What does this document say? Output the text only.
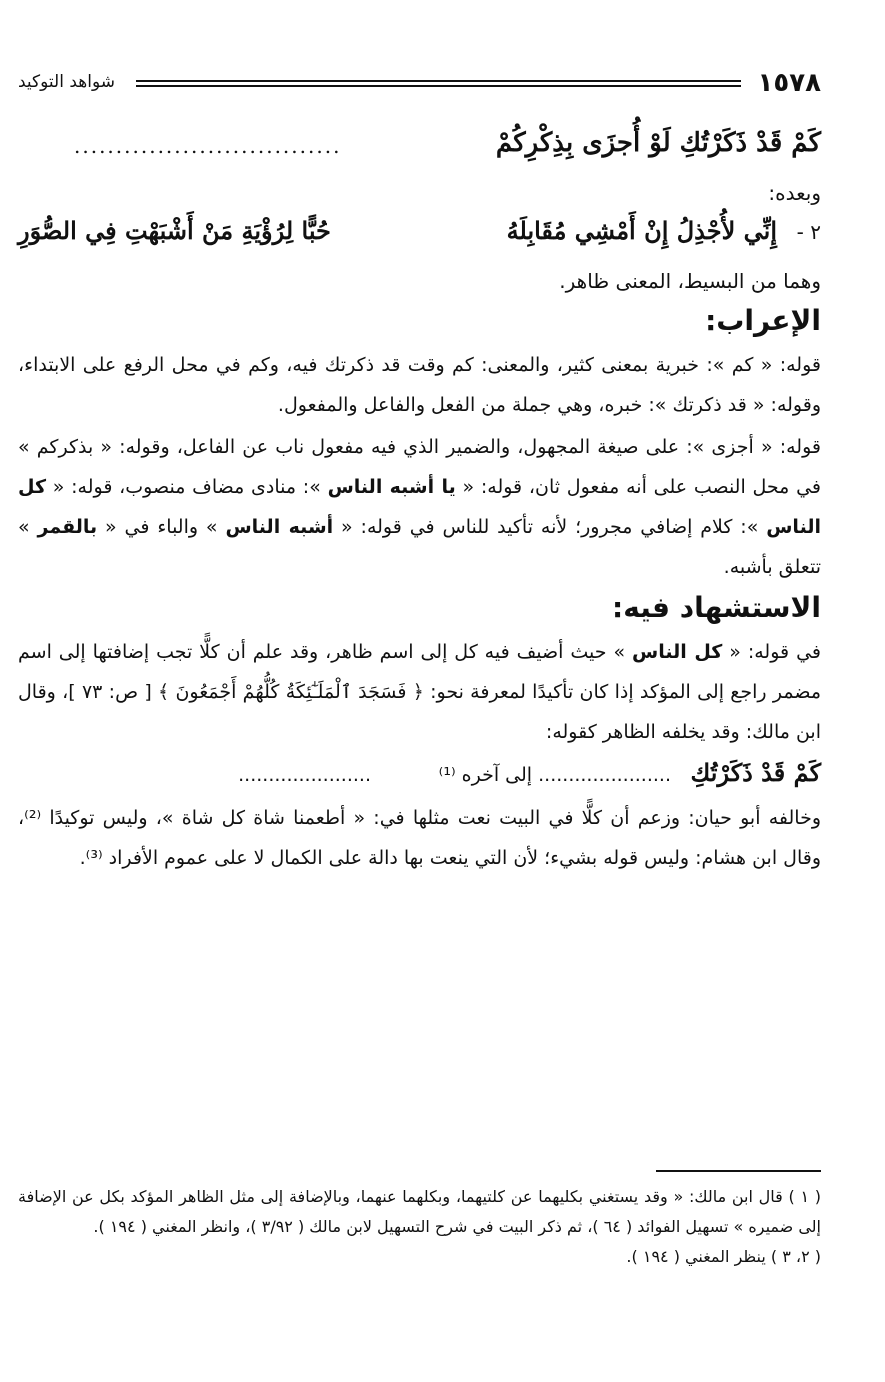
١٥٧٨
شواهد التوكيد
كَمْ قَدْ ذَكَرْتُكِ لَوْ أُجزَى بِذِكْرِكُمْ
................................
وبعده:
٢ -
إِنِّي لأُجْذِلُ إِنْ أَمْشِي مُقَابِلَهُ
حُبًّا لِرُؤْيَةِ مَنْ أَشْبَهْتِ فِي الصُّوَرِ
وهما من البسيط، المعنى ظاهر.
الإعراب:
قوله: « كم »: خبرية بمعنى كثير، والمعنى: كم وقت قد ذكرتك فيه، وكم في محل الرفع على الابتداء، وقوله: « قد ذكرتك »: خبره، وهي جملة من الفعل والفاعل والمفعول.
قوله: « أجزى »: على صيغة المجهول، والضمير الذي فيه مفعول ناب عن الفاعل، وقوله: « بذكركم » في محل النصب على أنه مفعول ثان، قوله: « يا أشبه الناس »: منادى مضاف منصوب، قوله: « كل الناس »: كلام إضافي مجرور؛ لأنه تأكيد للناس في قوله: « أشبه الناس » والباء في « بالقمر » تتعلق بأشبه.
الاستشهاد فيه:
في قوله: « كل الناس » حيث أضيف فيه كل إلى اسم ظاهر، وقد علم أن كلًّا تجب إضافتها إلى اسم مضمر راجع إلى المؤكد إذا كان تأكيدًا لمعرفة نحو: ﴿ فَسَجَدَ ٱلْمَلَـٰٓئِكَةُ كُلُّهُمْ أَجْمَعُونَ ﴾ [ ص: ٧٣ ]، وقال ابن مالك: وقد يخلفه الظاهر كقوله:
كَمْ قَدْ ذَكَرْتُكِ
...................... إلى آخره ⁽¹⁾
......................
وخالفه أبو حيان: وزعم أن كلًّا في البيت نعت مثلها في: « أطعمنا شاة كل شاة »، وليس توكيدًا ⁽²⁾، وقال ابن هشام: وليس قوله بشيء؛ لأن التي ينعت بها دالة على الكمال لا على عموم الأفراد ⁽³⁾.
( ١ ) قال ابن مالك: « وقد يستغني بكليهما عن كلتيهما، وبكلهما عنهما، وبالإضافة إلى مثل الظاهر المؤكد بكل عن الإضافة إلى ضميره » تسهيل الفوائد ( ٦٤ )، ثم ذكر البيت في شرح التسهيل لابن مالك ( ٣/٩٢ )، وانظر المغني ( ١٩٤ ).
( ٢، ٣ ) ينظر المغني ( ١٩٤ ).
